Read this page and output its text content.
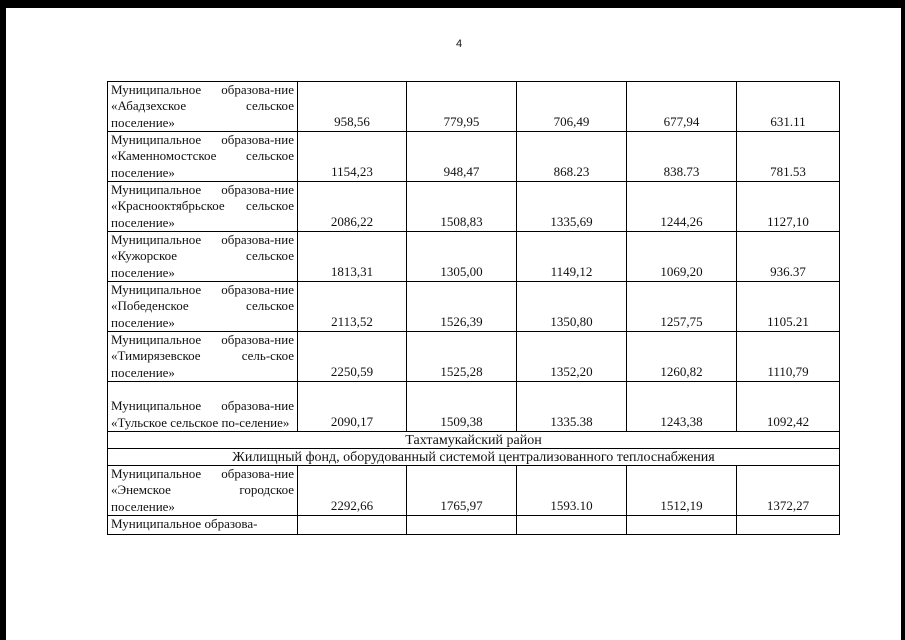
4
Муниципальное образова-ние «Абадзехское сельское поселение»	958,56	779,95	706,49	677,94	631.11
Муниципальное образова-ние «Каменномостское сельское поселение»	1154,23	948,47	868.23	838.73	781.53
Муниципальное образова-ние «Краснооктябрьское сельское поселение»	2086,22	1508,83	1335,69	1244,26	1127,10
Муниципальное образова-ние «Кужорское сельское поселение»	1813,31	1305,00	1149,12	1069,20	936.37
Муниципальное образова-ние «Победенское сельское поселение»	2113,52	1526,39	1350,80	1257,75	1105.21
Муниципальное образова-ние «Тимирязевское сель-ское поселение»	2250,59	1525,28	1352,20	1260,82	1110,79
Муниципальное образова-ние «Тульское сельское по-селение»	2090,17	1509,38	1335.38	1243,38	1092,42
Тахтамукайский район					
Жилищный фонд, оборудованный системой централизованного теплоснабжения					
Муниципальное образова-ние «Энемское городское поселение»	2292,66	1765,97	1593.10	1512,19	1372,27
Муниципальное образова-					
